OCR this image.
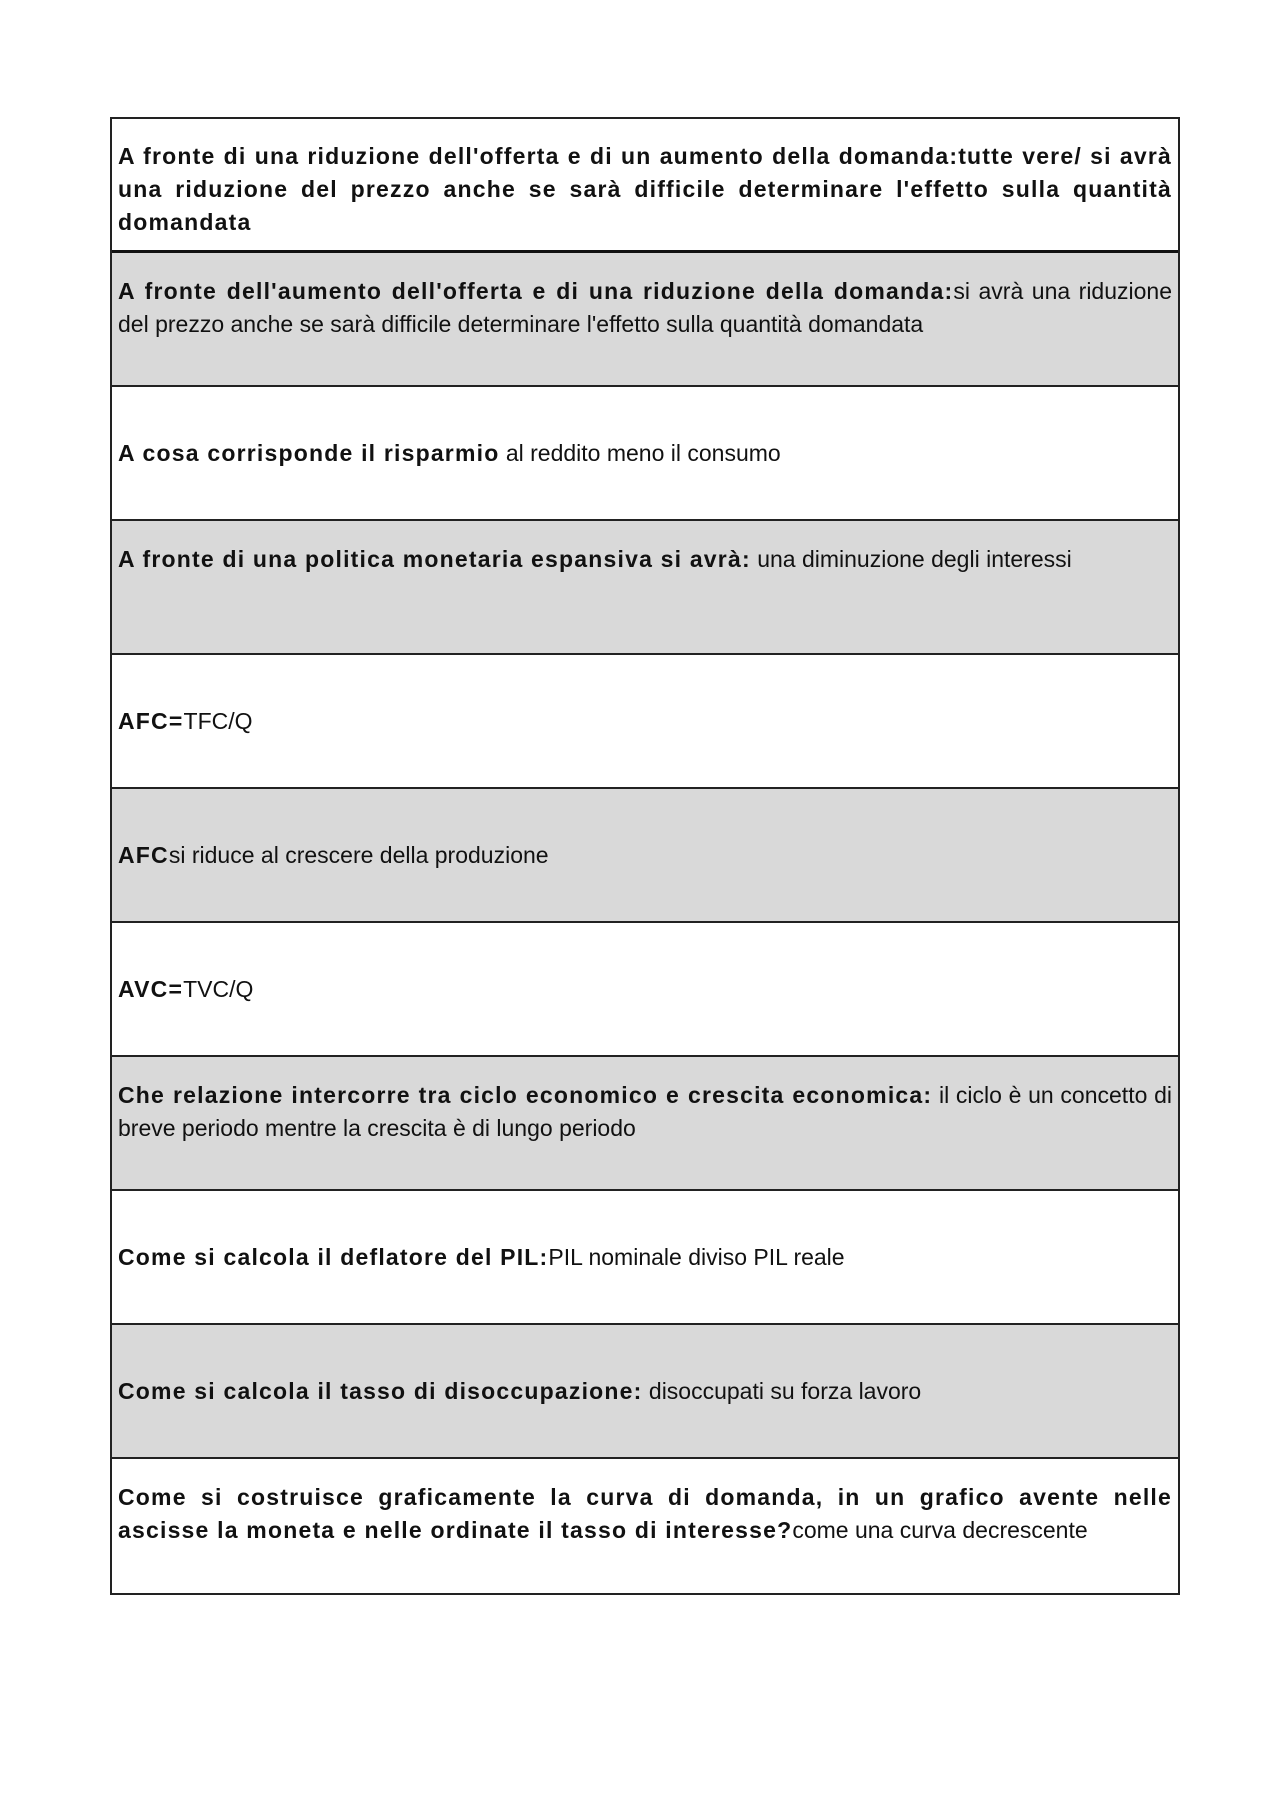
A fronte di una riduzione dell'offerta e di un aumento della domanda:tutte vere/ si avrà una riduzione del prezzo anche se sarà difficile determinare l'effetto sulla quantità domandata

A fronte dell'aumento dell'offerta e di una riduzione della domanda:si avrà una riduzione del prezzo anche se sarà difficile determinare l'effetto sulla quantità domandata

A cosa corrisponde il risparmio al reddito meno il consumo

A fronte di una politica monetaria espansiva si avrà: una diminuzione degli interessi

AFC=TFC/Q

AFCsi riduce al crescere della produzione

AVC=TVC/Q

Che relazione intercorre tra ciclo economico e crescita economica: il ciclo è un concetto di breve periodo mentre la crescita è di lungo periodo

Come si calcola il deflatore del PIL:PIL nominale diviso PIL reale

Come si calcola il tasso di disoccupazione: disoccupati su forza lavoro

Come si costruisce graficamente la curva di domanda, in un grafico avente nelle ascisse la moneta e nelle ordinate il tasso di interesse?come una curva decrescente
